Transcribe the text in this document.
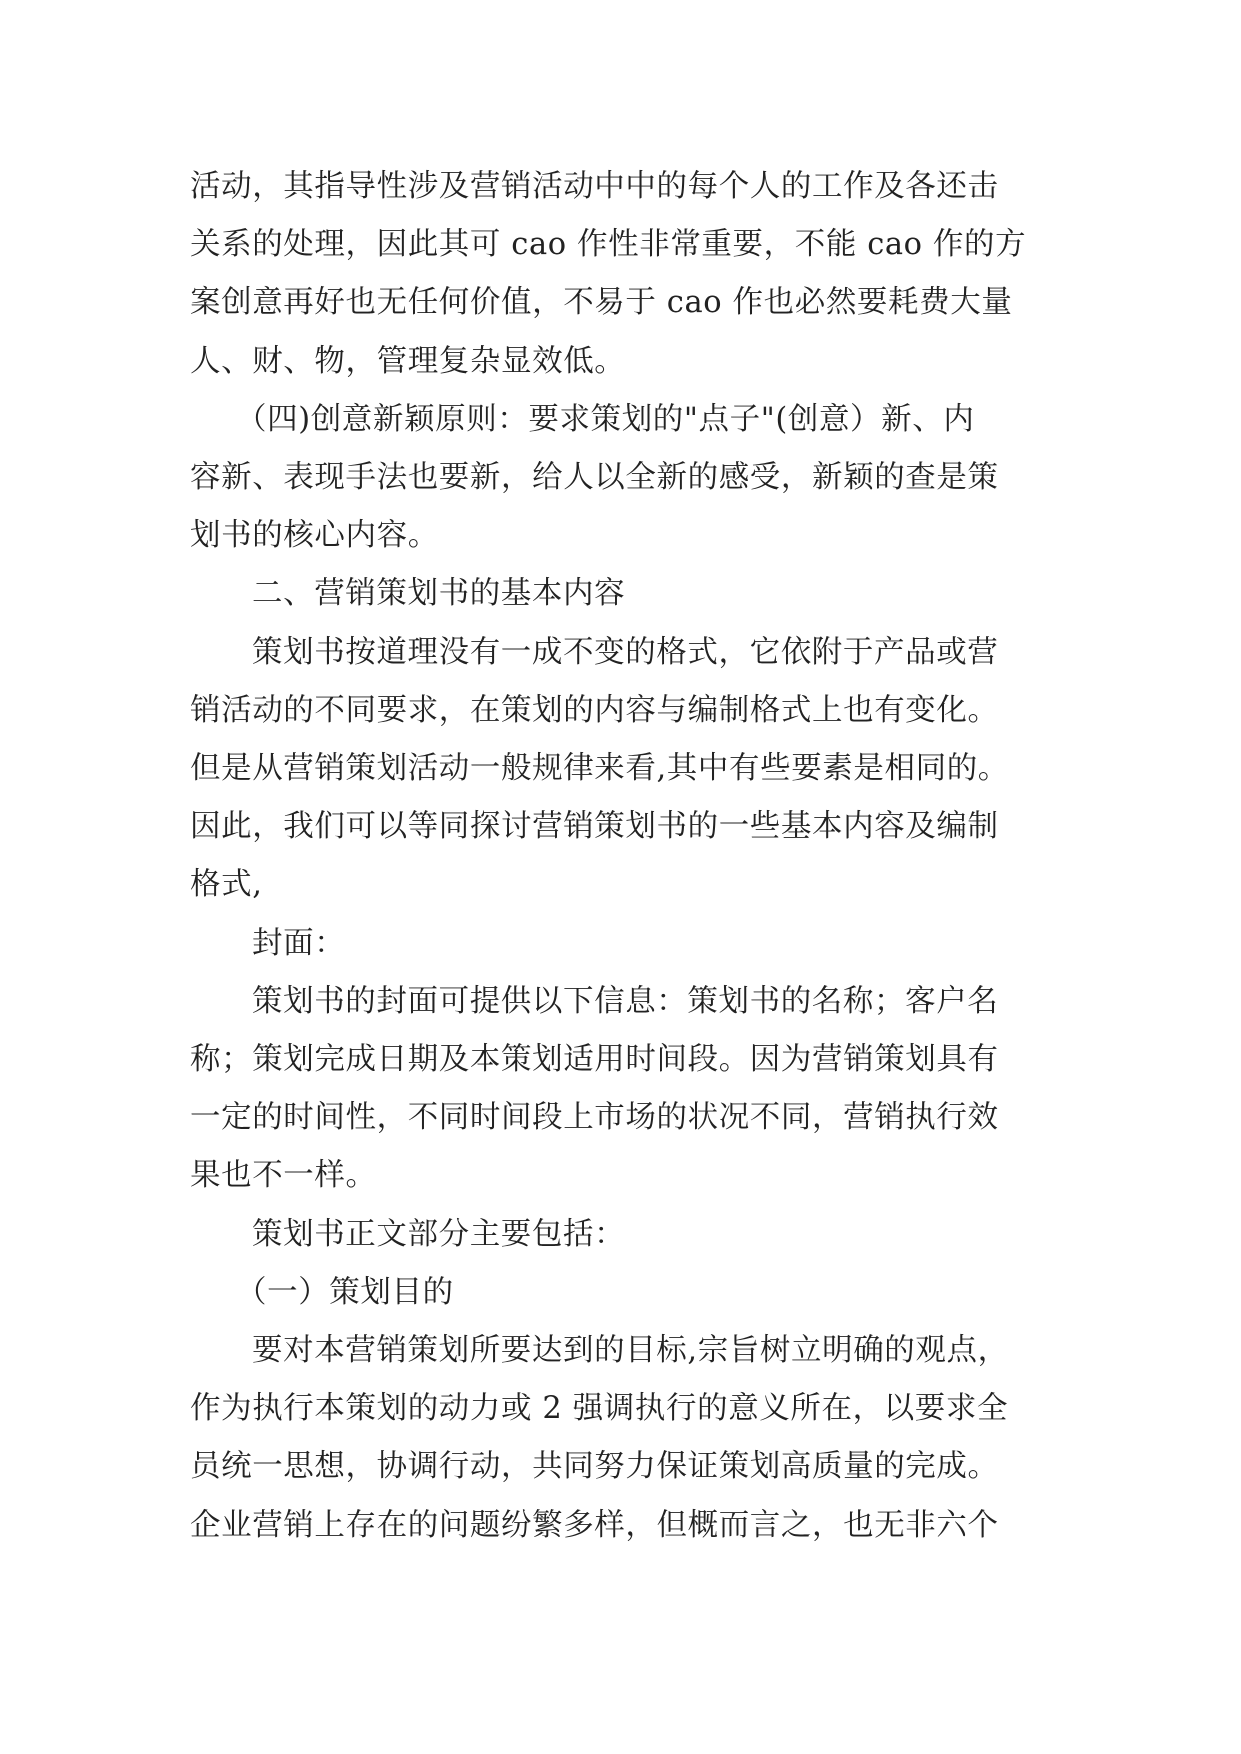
活动，其指导性涉及营销活动中中的每个人的工作及各还击

关系的处理，因此其可 cao 作性非常重要，不能 cao 作的方

案创意再好也无任何价值，不易于 cao 作也必然要耗费大量

人、财、物，管理复杂显效低。

（四)创意新颖原则：要求策划的"点子"(创意）新、内

容新、表现手法也要新，给人以全新的感受，新颖的查是策

划书的核心内容。

二、营销策划书的基本内容

策划书按道理没有一成不变的格式，它依附于产品或营

销活动的不同要求，在策划的内容与编制格式上也有变化。

但是从营销策划活动一般规律来看,其中有些要素是相同的。

因此，我们可以等同探讨营销策划书的一些基本内容及编制

格式,

封面：

策划书的封面可提供以下信息：策划书的名称；客户名

称；策划完成日期及本策划适用时间段。因为营销策划具有

一定的时间性，不同时间段上市场的状况不同，营销执行效

果也不一样。

策划书正文部分主要包括：

（一）策划目的

要对本营销策划所要达到的目标,宗旨树立明确的观点，

作为执行本策划的动力或 2 强调执行的意义所在，以要求全

员统一思想，协调行动，共同努力保证策划高质量的完成。

企业营销上存在的问题纷繁多样，但概而言之，也无非六个
